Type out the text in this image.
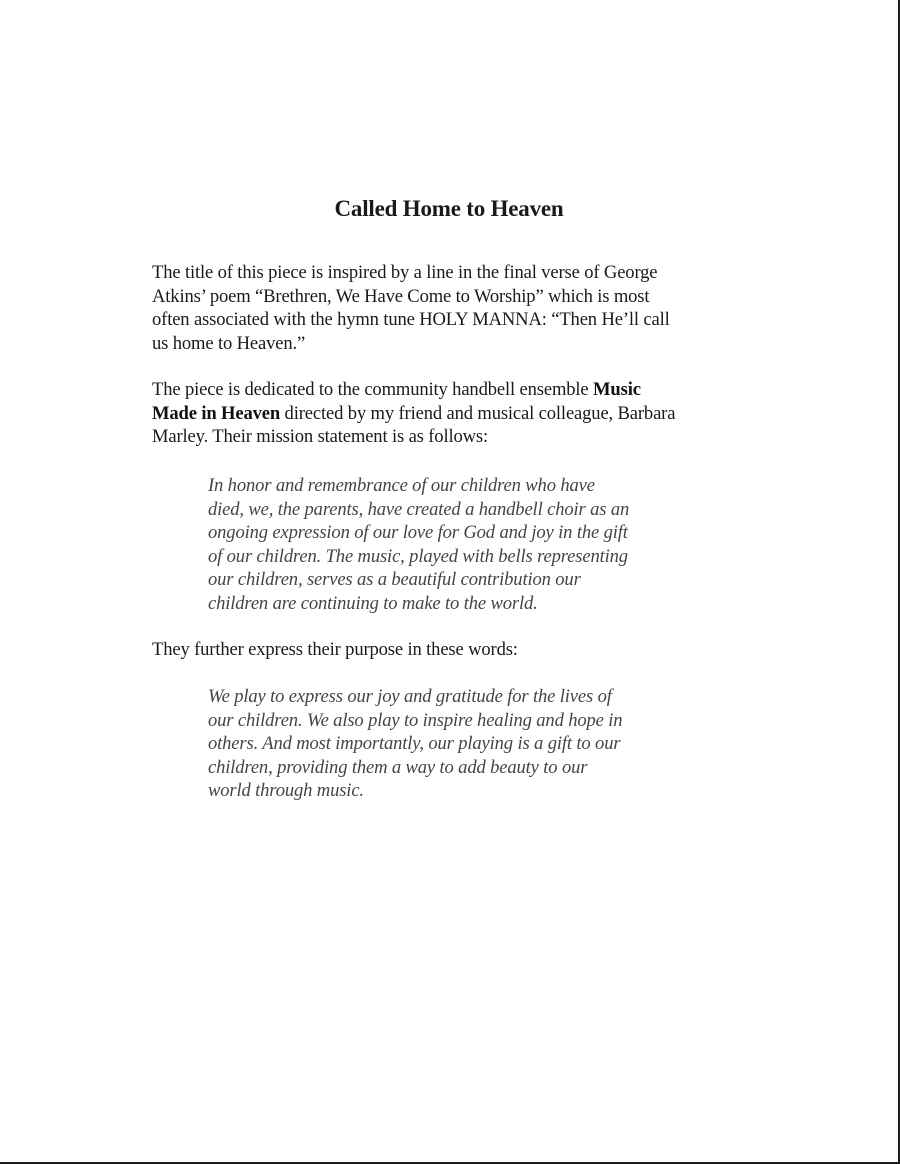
Called Home to Heaven

The title of this piece is inspired by a line in the final verse of George
Atkins’ poem “Brethren, We Have Come to Worship” which is most
often associated with the hymn tune HOLY MANNA: “Then He’ll call
us home to Heaven.”

The piece is dedicated to the community handbell ensemble Music
Made in Heaven directed by my friend and musical colleague, Barbara
Marley. Their mission statement is as follows:

In honor and remembrance of our children who have
died, we, the parents, have created a handbell choir as an
ongoing expression of our love for God and joy in the gift
of our children. The music, played with bells representing
our children, serves as a beautiful contribution our
children are continuing to make to the world.

They further express their purpose in these words:

We play to express our joy and gratitude for the lives of
our children. We also play to inspire healing and hope in
others. And most importantly, our playing is a gift to our
children, providing them a way to add beauty to our
world through music.
